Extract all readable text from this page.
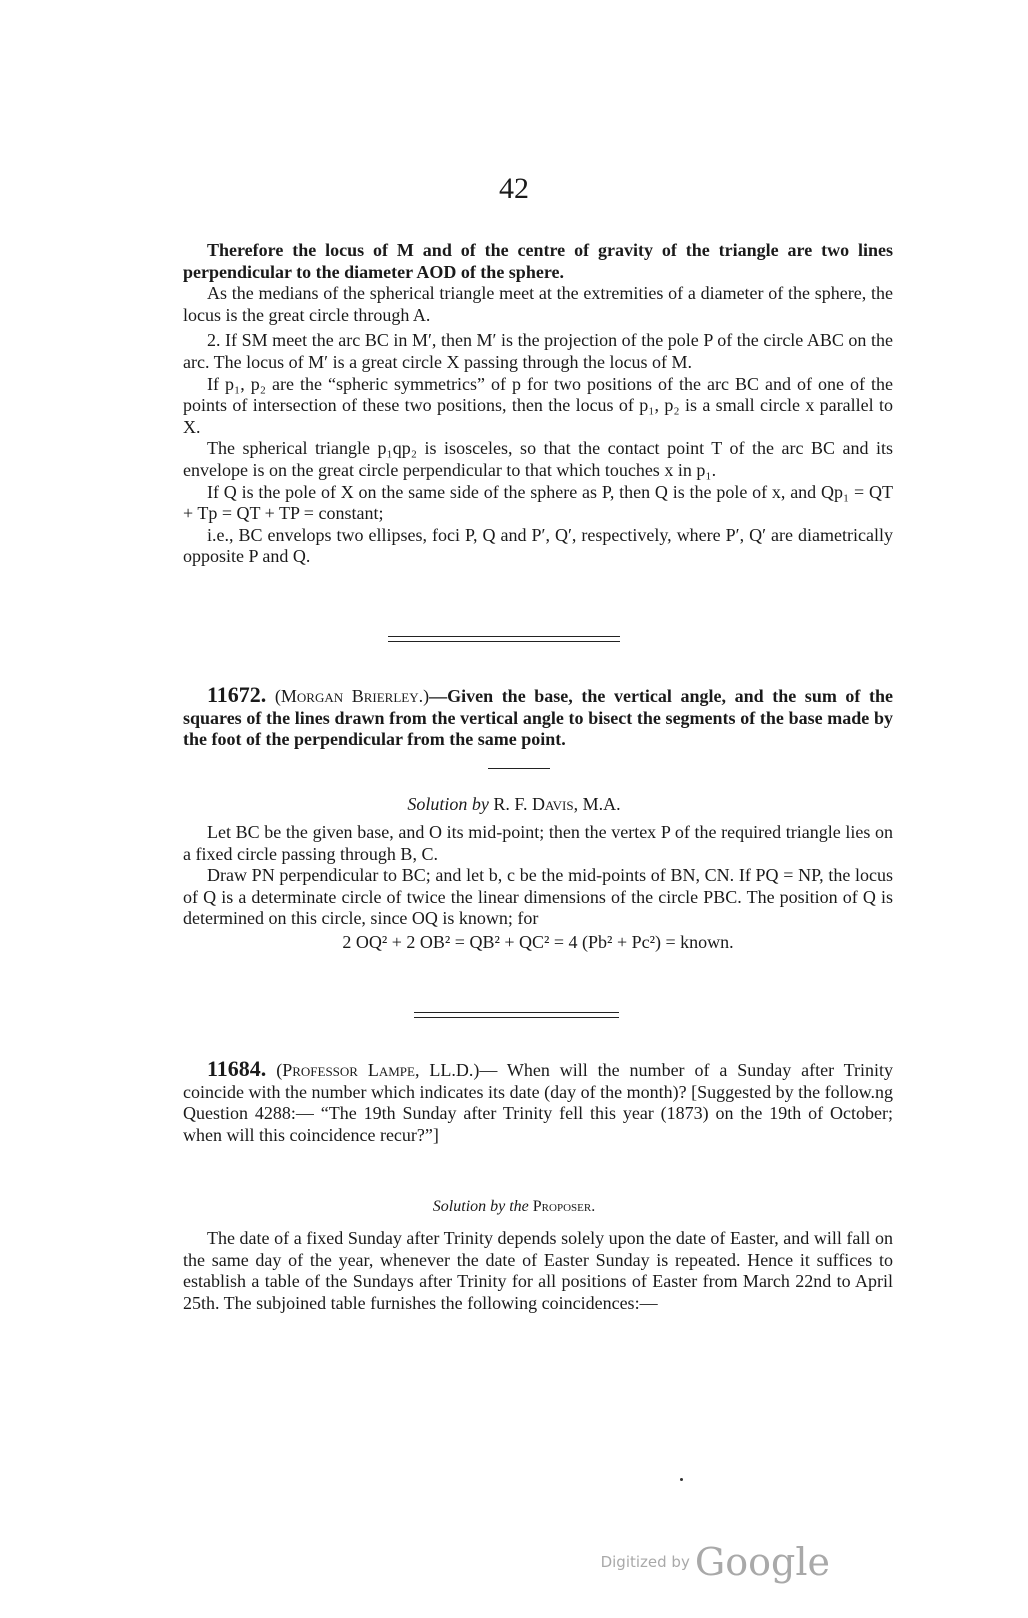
42

Therefore the locus of M and of the centre of gravity of the triangle are two lines perpendicular to the diameter AOD of the sphere.

As the medians of the spherical triangle meet at the extremities of a diameter of the sphere, the locus is the great circle through A.

2. If SM meet the arc BC in M′, then M′ is the projection of the pole P of the circle ABC on the arc. The locus of M′ is a great circle X passing through the locus of M.

If p₁, p₂ are the “spheric symmetrics” of p for two positions of the arc BC and of one of the points of intersection of these two positions, then the locus of p₁, p₂ is a small circle x parallel to X.

The spherical triangle p₁qp₂ is isosceles, so that the contact point T of the arc BC and its envelope is on the great circle perpendicular to that which touches x in p₁.

If Q is the pole of X on the same side of the sphere as P, then Q is the pole of x, and Qp₁ = QT + Tp = QT + TP = constant;

i.e., BC envelops two ellipses, foci P, Q and P′, Q′, respectively, where P′, Q′ are diametrically opposite P and Q.

11672. (Morgan Brierley.)—Given the base, the vertical angle, and the sum of the squares of the lines drawn from the vertical angle to bisect the segments of the base made by the foot of the perpendicular from the same point.

Solution by R. F. Davis, M.A.

Let BC be the given base, and O its mid-point; then the vertex P of the required triangle lies on a fixed circle passing through B, C.

Draw PN perpendicular to BC; and let b, c be the mid-points of BN, CN. If PQ = NP, the locus of Q is a determinate circle of twice the linear dimensions of the circle PBC. The position of Q is determined on this circle, since OQ is known; for

2 OQ² + 2 OB² = QB² + QC² = 4 (Pb² + Pc²) = known.

11684. (Professor Lampe, LL.D.)— When will the number of a Sunday after Trinity coincide with the number which indicates its date (day of the month)? [Suggested by the follow.ng Question 4288:— “The 19th Sunday after Trinity fell this year (1873) on the 19th of October; when will this coincidence recur?”]

Solution by the Proposer.

The date of a fixed Sunday after Trinity depends solely upon the date of Easter, and will fall on the same day of the year, whenever the date of Easter Sunday is repeated. Hence it suffices to establish a table of the Sundays after Trinity for all positions of Easter from March 22nd to April 25th. The subjoined table furnishes the following coincidences:—

Digitized by Google
